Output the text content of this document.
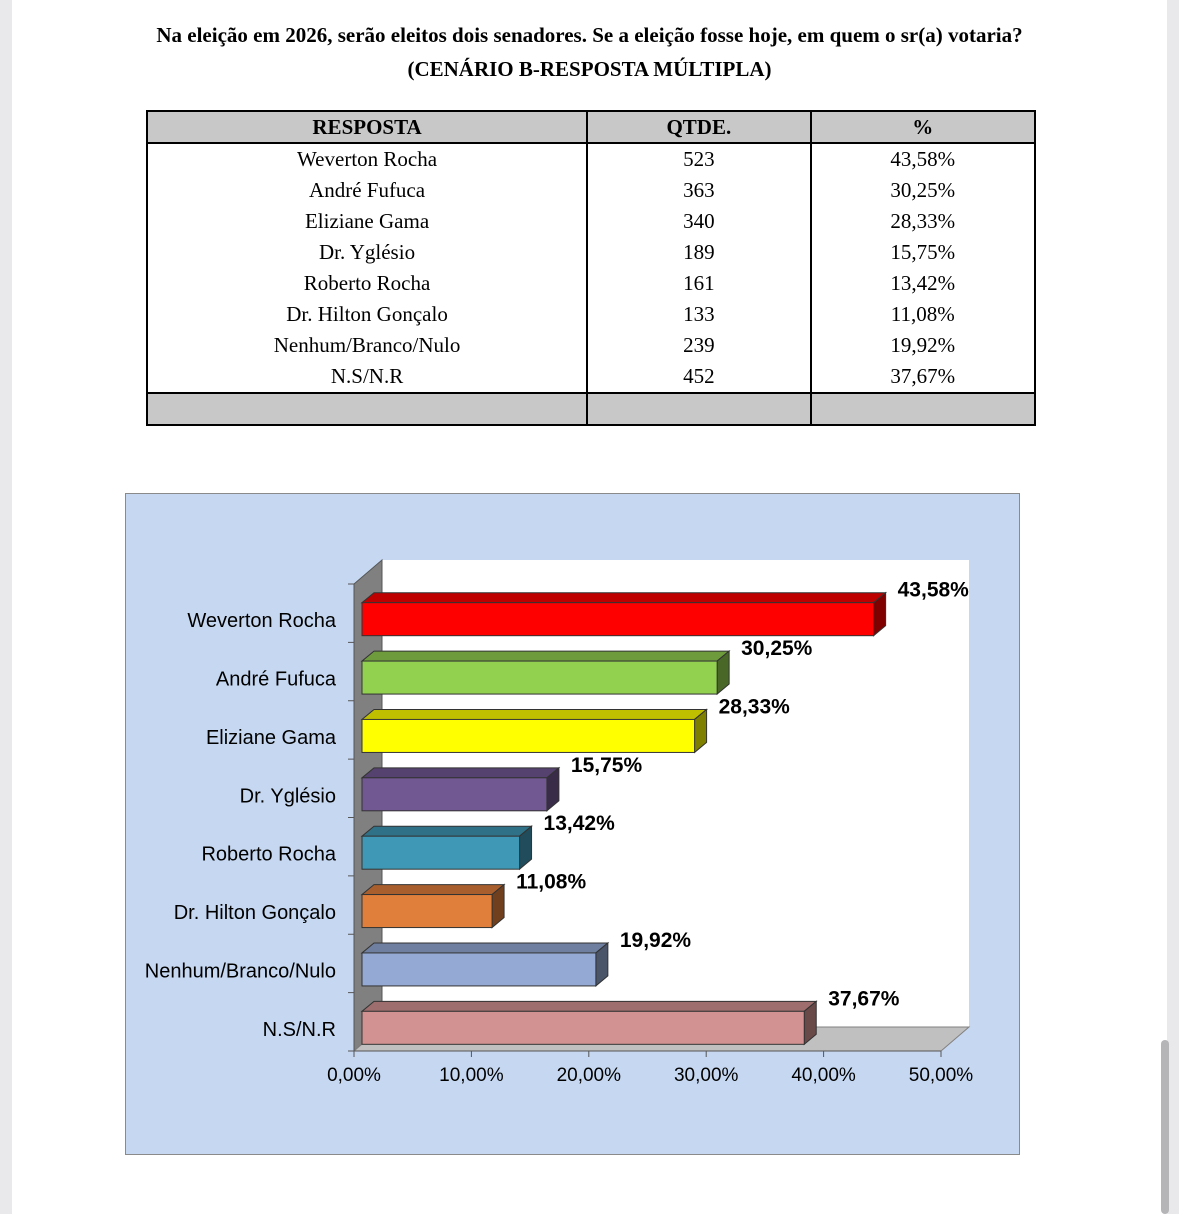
Na eleição em 2026, serão eleitos dois senadores. Se a eleição fosse hoje, em quem o sr(a) votaria?
(CENÁRIO B-RESPOSTA MÚLTIPLA)
RESPOSTA	QTDE.	%
Weverton Rocha	523	43,58%
André Fufuca	363	30,25%
Eliziane Gama	340	28,33%
Dr. Yglésio	189	15,75%
Roberto Rocha	161	13,42%
Dr. Hilton Gonçalo	133	11,08%
Nenhum/Branco/Nulo	239	19,92%
N.S/N.R	452	37,67%

Weverton Rocha
43,58%
André Fufuca
30,25%
Eliziane Gama
28,33%
Dr. Yglésio
15,75%
Roberto Rocha
13,42%
Dr. Hilton Gonçalo
11,08%
Nenhum/Branco/Nulo
19,92%
N.S/N.R
37,67%
0,00%	10,00%	20,00%	30,00%	40,00%	50,00%
